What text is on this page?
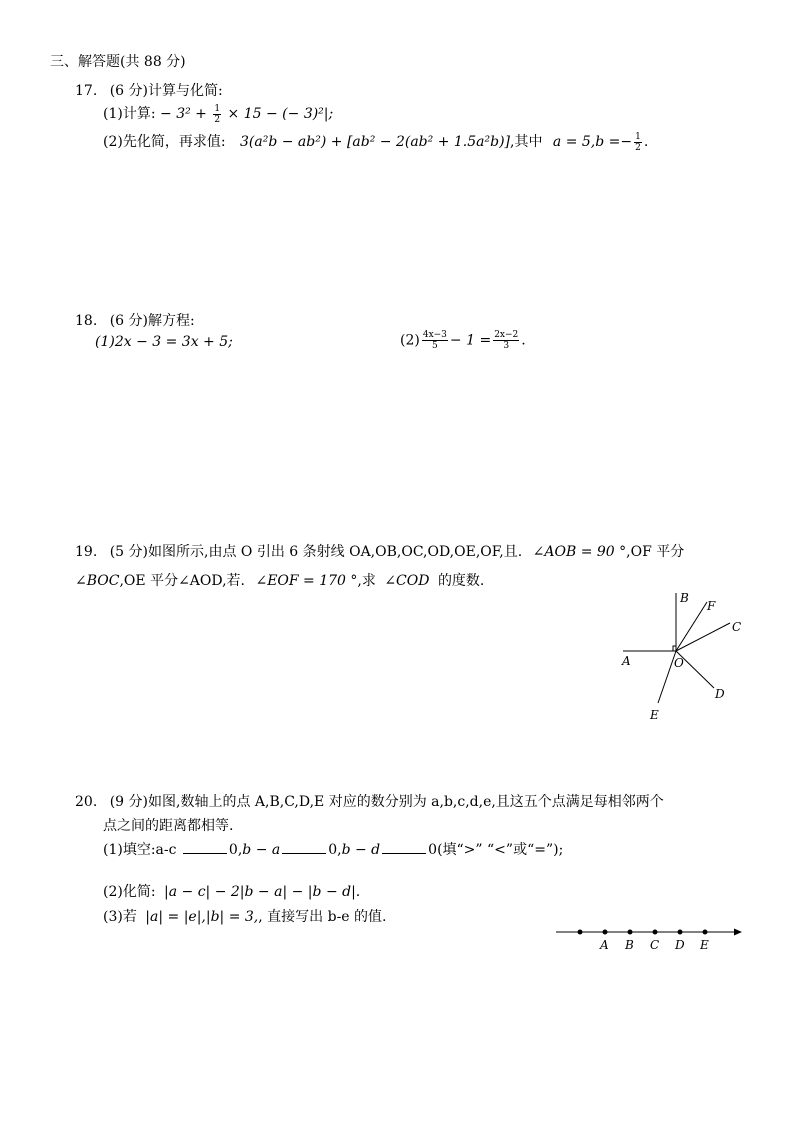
三、解答题(共 88 分)
17. (6 分)计算与化简:
(1)计算: − $3^2 + \frac{1}{2} \times 15$ − (− 3)²|;
(2)先化简，再求值: 3(a²b − ab²) + [ab² − 2(ab² + 1.5a²b)],其中 $a = 5,b =- \frac{1}{2}$ .
18. (6 分)解方程:
(1)2x − 3 = 3x + 5;	$(2) \frac{4x-3}{5} - 1 = \frac{2x-2}{3}$ .
19. (5 分)如图所示,由点 O 引出 6 条射线 OA,OB,OC,OD,OE,OF,且. ∠AOB = 90 °,OF 平分
∠BOC,OE 平分∠AOD,若. ∠EOF = 170 °,求 ∠COD 的度数.
A
B
F
C
O
D
E
20. (9 分)如图,数轴上的点 A,B,C,D,E 对应的数分别为 a,b,c,d,e,且这五个点满足每相邻两个
点之间的距离都相等.
(1)填空:a-c	0,b − a	0,b − d	0(填“>” “<”或“=”);
(2)化简: |a − c| − 2|b − a| − |b − d|.
(3)若 |a| = |e|,|b| = 3,, 直接写出 b-e 的值.
A B C D E
